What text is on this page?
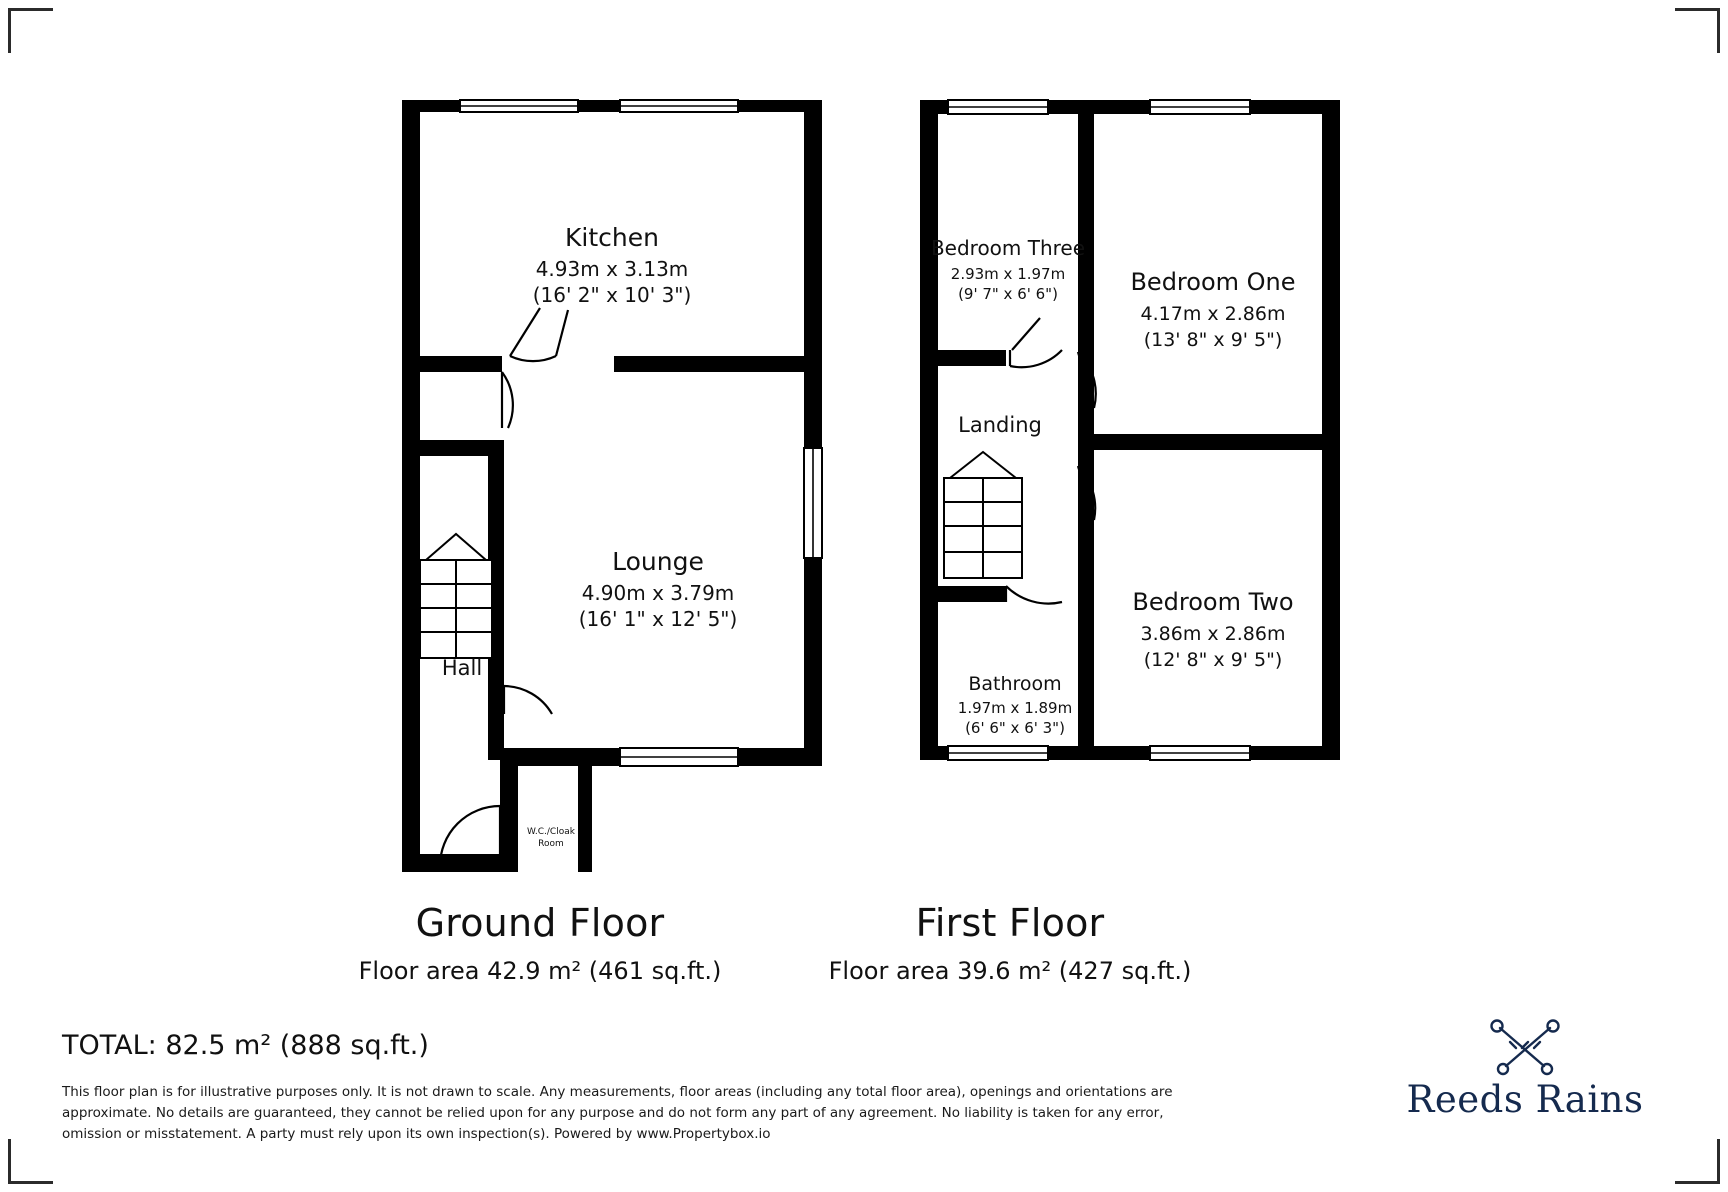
Kitchen
4.93m x 3.13m
(16' 2" x 10' 3")
Lounge
4.90m x 3.79m
(16' 1" x 12' 5")
Hall
W.C./Cloak
Room
Bedroom Three
2.93m x 1.97m
(9' 7" x 6' 6")	Bedroom One
4.17m x 2.86m
(13' 8" x 9' 5")
Bedroom Two
3.86m x 2.86m
(12' 8" x 9' 5")
Bathroom
1.97m x 1.89m
(6' 6" x 6' 3")
Landing
Ground Floor
Floor area 42.9 m² (461 sq.ft.)
First Floor
Floor area 39.6 m² (427 sq.ft.)
TOTAL: 82.5 m² (888 sq.ft.)
This floor plan is for illustrative purposes only. It is not drawn to scale. Any measurements, floor areas (including any total floor area), openings and orientations are approximate. No details are guaranteed, they cannot be relied upon for any purpose and do not form any part of any agreement. No liability is taken for any error, omission or misstatement. A party must rely upon its own inspection(s). Powered by www.Propertybox.io
Reeds Rains
